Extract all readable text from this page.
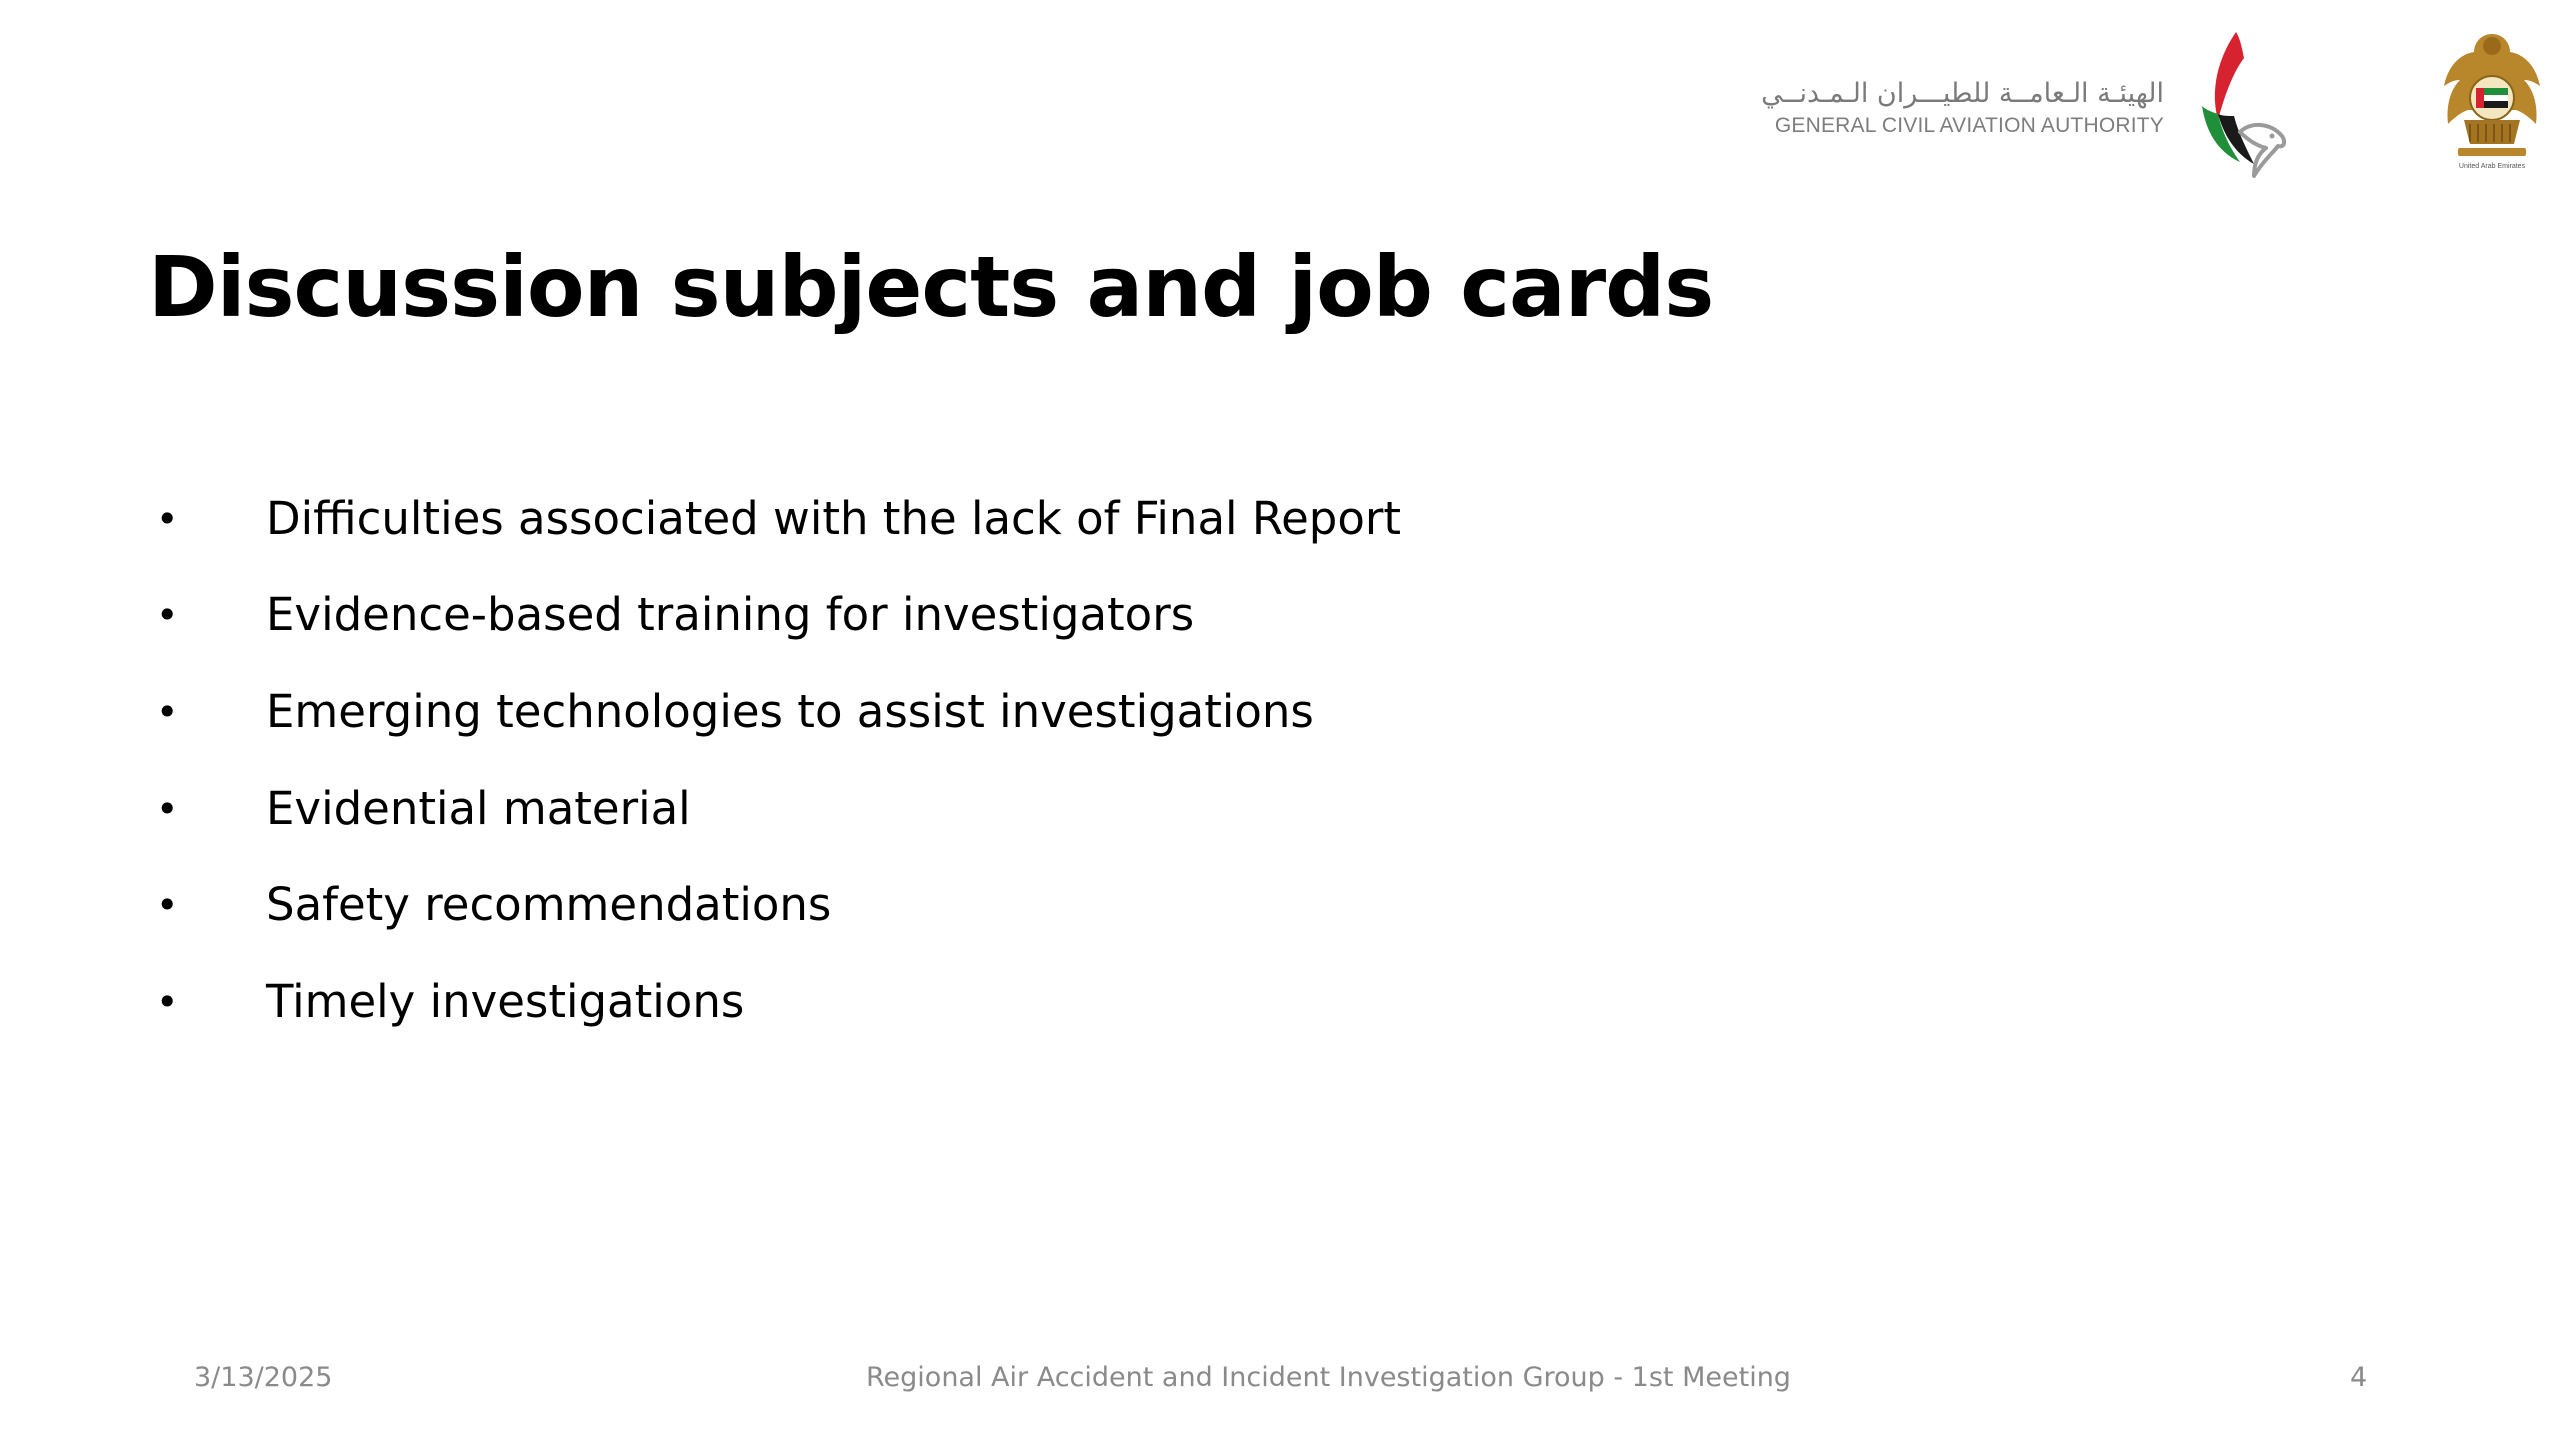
الهيئـة الـعامــة للطيـــران الـمـدنــي
GENERAL CIVIL AVIATION AUTHORITY
United Arab Emirates
Discussion subjects and job cards
• Difficulties associated with the lack of Final Report
• Evidence-based training for investigators
• Emerging technologies to assist investigations
• Evidential material
• Safety recommendations
• Timely investigations
3/13/2025	Regional Air Accident and Incident Investigation Group - 1st Meeting	4
